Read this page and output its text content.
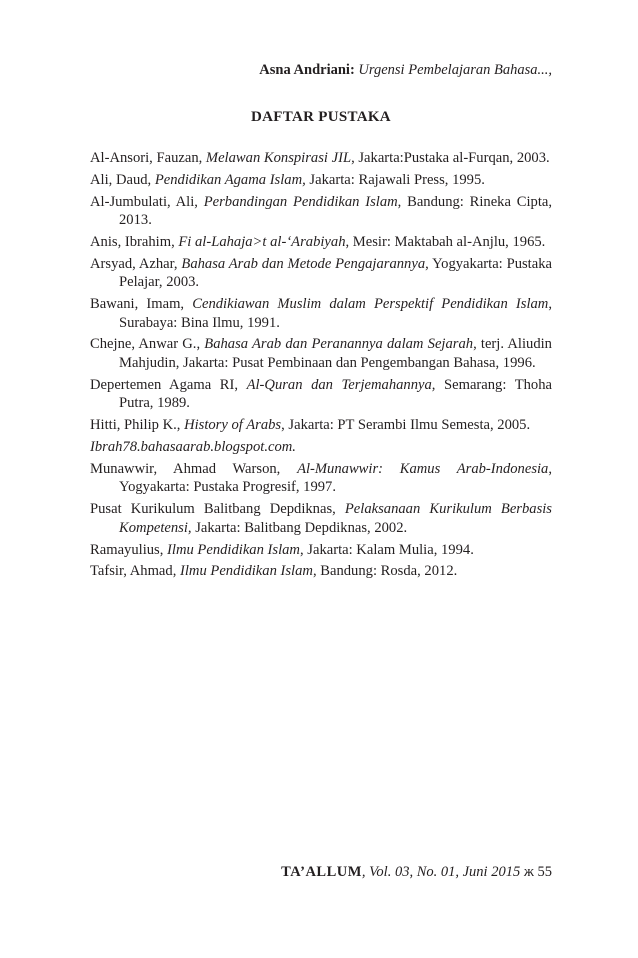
Asna Andriani: Urgensi Pembelajaran Bahasa...,
DAFTAR PUSTAKA
Al-Ansori, Fauzan, Melawan Konspirasi JIL, Jakarta:Pustaka al-Furqan, 2003.
Ali, Daud, Pendidikan Agama Islam, Jakarta: Rajawali Press, 1995.
Al-Jumbulati, Ali, Perbandingan Pendidikan Islam, Bandung: Rineka Cipta, 2013.
Anis, Ibrahim, Fi al-Lahaja>t al-‘Arabiyah, Mesir: Maktabah al-Anjlu, 1965.
Arsyad, Azhar, Bahasa Arab dan Metode Pengajarannya, Yogyakarta: Pustaka Pelajar, 2003.
Bawani, Imam, Cendikiawan Muslim dalam Perspektif Pendidikan Islam, Surabaya: Bina Ilmu, 1991.
Chejne, Anwar G., Bahasa Arab dan Peranannya dalam Sejarah, terj. Aliudin Mahjudin, Jakarta: Pusat Pembinaan dan Pengembangan Bahasa, 1996.
Depertemen Agama RI, Al-Quran dan Terjemahannya, Semarang: Thoha Putra, 1989.
Hitti, Philip K., History of Arabs, Jakarta: PT Serambi Ilmu Semesta, 2005.
Ibrah78.bahasaarab.blogspot.com.
Munawwir, Ahmad Warson, Al-Munawwir: Kamus Arab-Indonesia, Yogyakarta: Pustaka Progresif, 1997.
Pusat Kurikulum Balitbang Depdiknas, Pelaksanaan Kurikulum Berbasis Kompetensi, Jakarta: Balitbang Depdiknas, 2002.
Ramayulius, Ilmu Pendidikan Islam, Jakarta: Kalam Mulia, 1994.
Tafsir, Ahmad, Ilmu Pendidikan Islam, Bandung: Rosda, 2012.
TA’ALLUM, Vol. 03, No. 01, Juni 2015 ж 55
